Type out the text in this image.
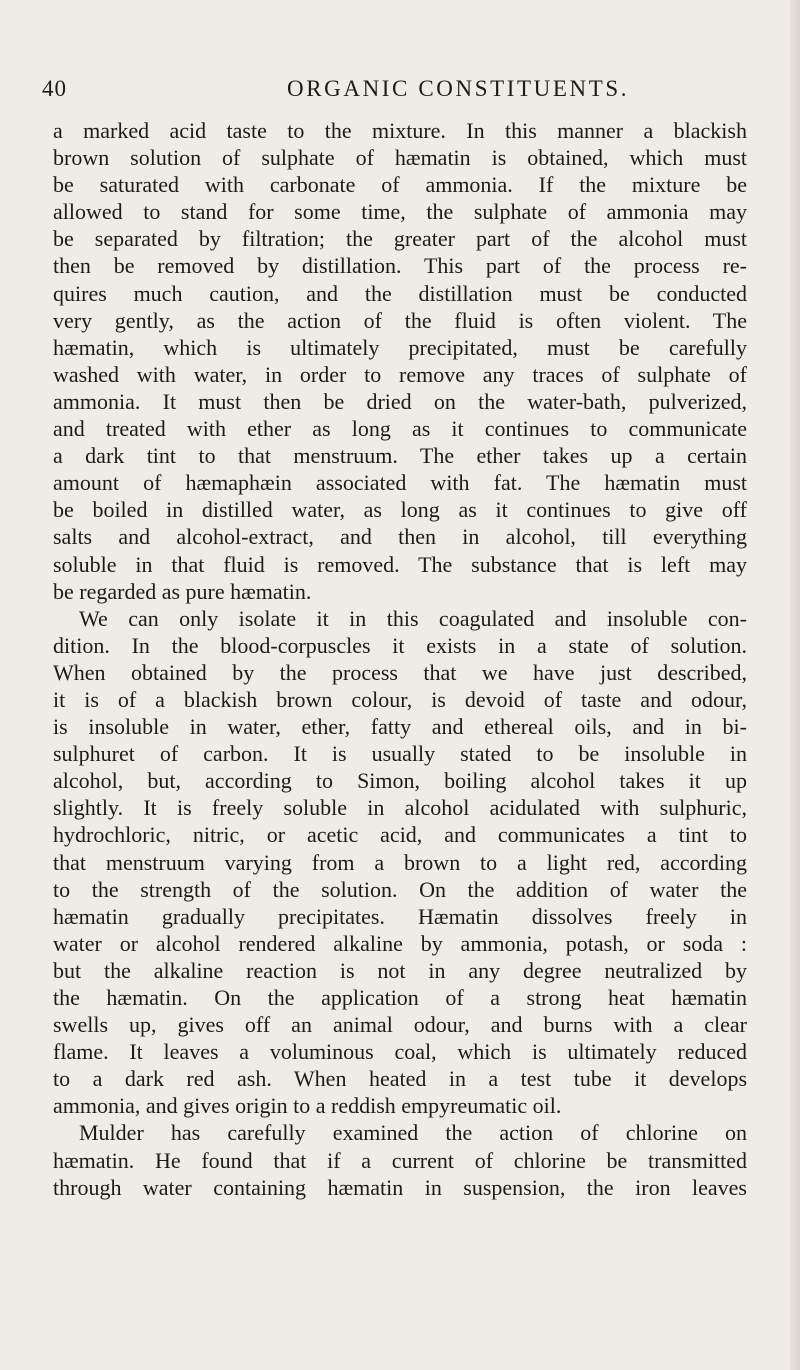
40	ORGANIC CONSTITUENTS.
a marked acid taste to the mixture. In this manner a blackish
brown solution of sulphate of hæmatin is obtained, which must
be saturated with carbonate of ammonia. If the mixture be
allowed to stand for some time, the sulphate of ammonia may
be separated by filtration; the greater part of the alcohol must
then be removed by distillation. This part of the process re-
quires much caution, and the distillation must be conducted
very gently, as the action of the fluid is often violent. The
hæmatin, which is ultimately precipitated, must be carefully
washed with water, in order to remove any traces of sulphate of
ammonia. It must then be dried on the water-bath, pulverized,
and treated with ether as long as it continues to communicate
a dark tint to that menstruum. The ether takes up a certain
amount of hæmaphæin associated with fat. The hæmatin must
be boiled in distilled water, as long as it continues to give off
salts and alcohol-extract, and then in alcohol, till everything
soluble in that fluid is removed. The substance that is left may
be regarded as pure hæmatin.
We can only isolate it in this coagulated and insoluble con-
dition. In the blood-corpuscles it exists in a state of solution.
When obtained by the process that we have just described,
it is of a blackish brown colour, is devoid of taste and odour,
is insoluble in water, ether, fatty and ethereal oils, and in bi-
sulphuret of carbon. It is usually stated to be insoluble in
alcohol, but, according to Simon, boiling alcohol takes it up
slightly. It is freely soluble in alcohol acidulated with sulphuric,
hydrochloric, nitric, or acetic acid, and communicates a tint to
that menstruum varying from a brown to a light red, according
to the strength of the solution. On the addition of water the
hæmatin gradually precipitates. Hæmatin dissolves freely in
water or alcohol rendered alkaline by ammonia, potash, or soda :
but the alkaline reaction is not in any degree neutralized by
the hæmatin. On the application of a strong heat hæmatin
swells up, gives off an animal odour, and burns with a clear
flame. It leaves a voluminous coal, which is ultimately reduced
to a dark red ash. When heated in a test tube it develops
ammonia, and gives origin to a reddish empyreumatic oil.
Mulder has carefully examined the action of chlorine on
hæmatin. He found that if a current of chlorine be transmitted
through water containing hæmatin in suspension, the iron leaves
